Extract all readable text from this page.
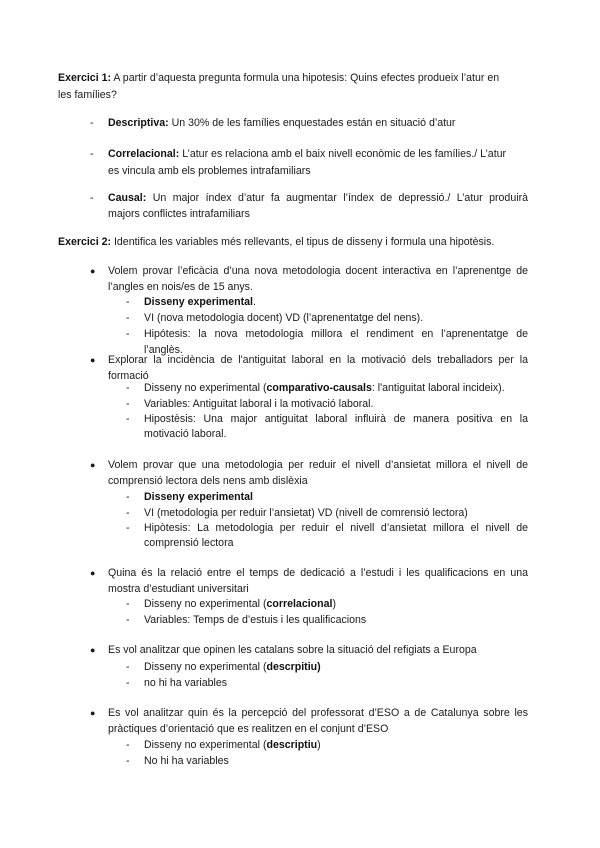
Exercici 1: A partir d’aquesta pregunta formula una hipotesis: Quins efectes produeix l’atur en
les famílies?
-	Descriptiva: Un 30% de les famílies enquestades están en situació d’atur
-	Correlacional: L’atur es relaciona amb el baix nivell econòmic de les famílies./ L’atur
es vincula amb els problemes intrafamiliars
-	Causal: Un major índex d’atur fa augmentar l’índex de depressió./ L’atur produirà
majors conflictes intrafamiliars
Exercici 2: Identifica les variables més rellevants, el tipus de disseny i formula una hipotèsis.
● Volem provar l’eficàcia d’una nova metodologia docent interactiva en l’aprenentge de
l’angles en nois/es de 15 anys.
-	Disseny experimental.
-	VI (nova metodologia docent) VD (l’aprenentatge del nens).
-	Hipótesis: la nova metodologia millora el rendiment en l’aprenentatge de
l’anglès.
● Explorar la incidència de l'antiguitat laboral en la motivació dels treballadors per la
formació
-	Disseny no experimental (comparativo-causals: l'antiguitat laboral incideix).
-	Variables: Antiguitat laboral i la motivació laboral.
-	Hipostèsis: Una major antiguitat laboral influirà de manera positiva en la
motivació laboral.
● Volem provar que una metodologia per reduir el nivell d’ansietat millora el nivell de
comprensió lectora dels nens amb dislèxia
-	Disseny experimental
-	VI (metodologia per reduir l’ansietat) VD (nivell de comrensió lectora)
-	Hipòtesis: La metodologia per reduir el nivell d’ansietat millora el nivell de
comprensió lectora
● Quina és la relació entre el temps de dedicació a l’estudi i les qualificacions en una
mostra d’estudiant universitari
-	Disseny no experimental (correlacional)
-	Variables: Temps de d’estuis i les qualificacions
● Es vol analitzar que opinen les catalans sobre la situació del refigiats a Europa
-	Disseny no experimental (descrpitiu)
-	no hi ha variables
● Es vol analitzar quin és la percepció del professorat d’ESO a de Catalunya sobre les
pràctiques d’orientació que es realitzen en el conjunt d’ESO
-	Disseny no experimental (descriptiu)
-	No hi ha variables
